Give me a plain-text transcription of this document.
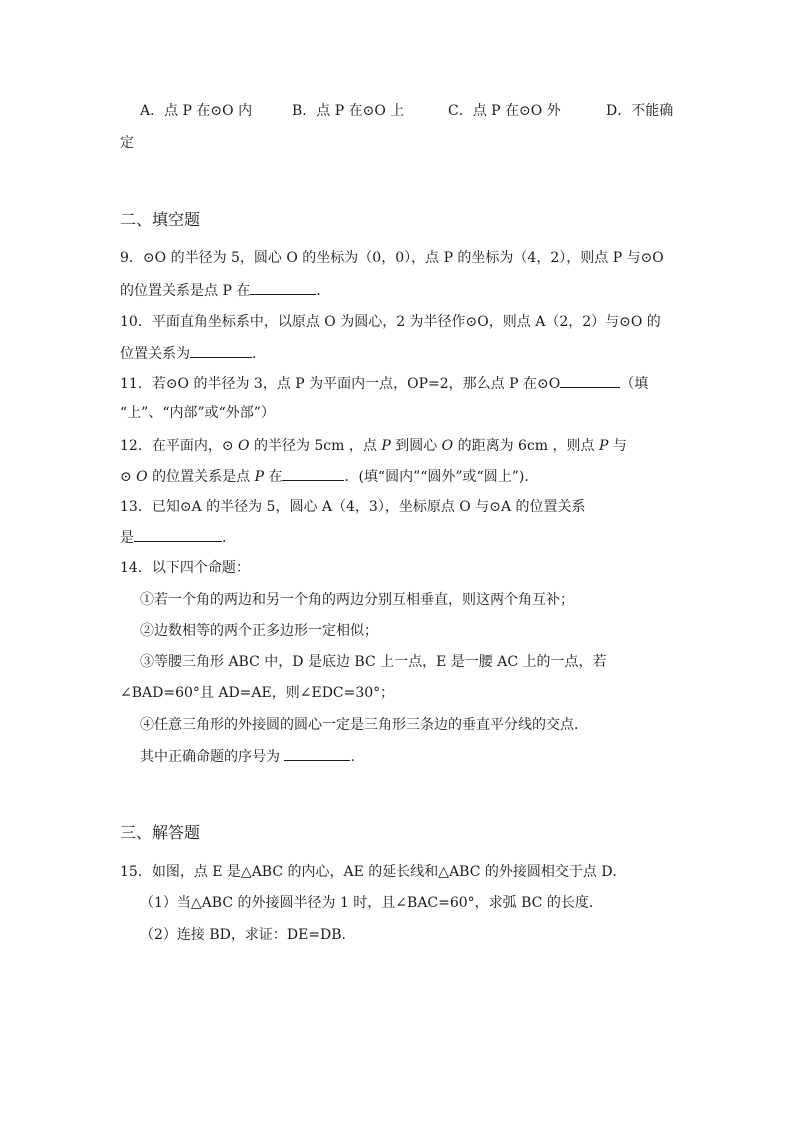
A．点 P 在⊙O 内	B．点 P 在⊙O 上	C．点 P 在⊙O 外	D．不能确
定
二、填空题
9．⊙O 的半径为 5，圆心 O 的坐标为（0，0），点 P 的坐标为（4，2），则点 P 与⊙O
的位置关系是点 P 在	．
10．平面直角坐标系中，以原点 O 为圆心，2 为半径作⊙O，则点 A（2，2）与⊙O 的
位置关系为	.
11．若⊙O 的半径为 3，点 P 为平面内一点，OP=2，那么点 P 在⊙O	（填
“上”、“内部”或“外部”）
12．在平面内，⊙ O 的半径为 5cm ，点 P 到圆心 O 的距离为 6cm ，则点 P 与
⊙ O 的位置关系是点 P 在	．(填“圆内”“圆外”或“圆上”)．
13．已知⊙A 的半径为 5，圆心 A（4，3），坐标原点 O 与⊙A 的位置关系
是	．
14．以下四个命题：
①若一个角的两边和另一个角的两边分别互相垂直，则这两个角互补；
②边数相等的两个正多边形一定相似；
③等腰三角形 ABC 中，D 是底边 BC 上一点，E 是一腰 AC 上的一点，若
∠BAD=60°且 AD=AE，则∠EDC=30°；
④任意三角形的外接圆的圆心一定是三角形三条边的垂直平分线的交点．
其中正确命题的序号为	.
三、解答题
15．如图，点 E 是△ABC 的内心，AE 的延长线和△ABC 的外接圆相交于点 D．
（1）当△ABC 的外接圆半径为 1 时，且∠BAC=60°，求弧 BC 的长度．
（2）连接 BD，求证：DE=DB．
